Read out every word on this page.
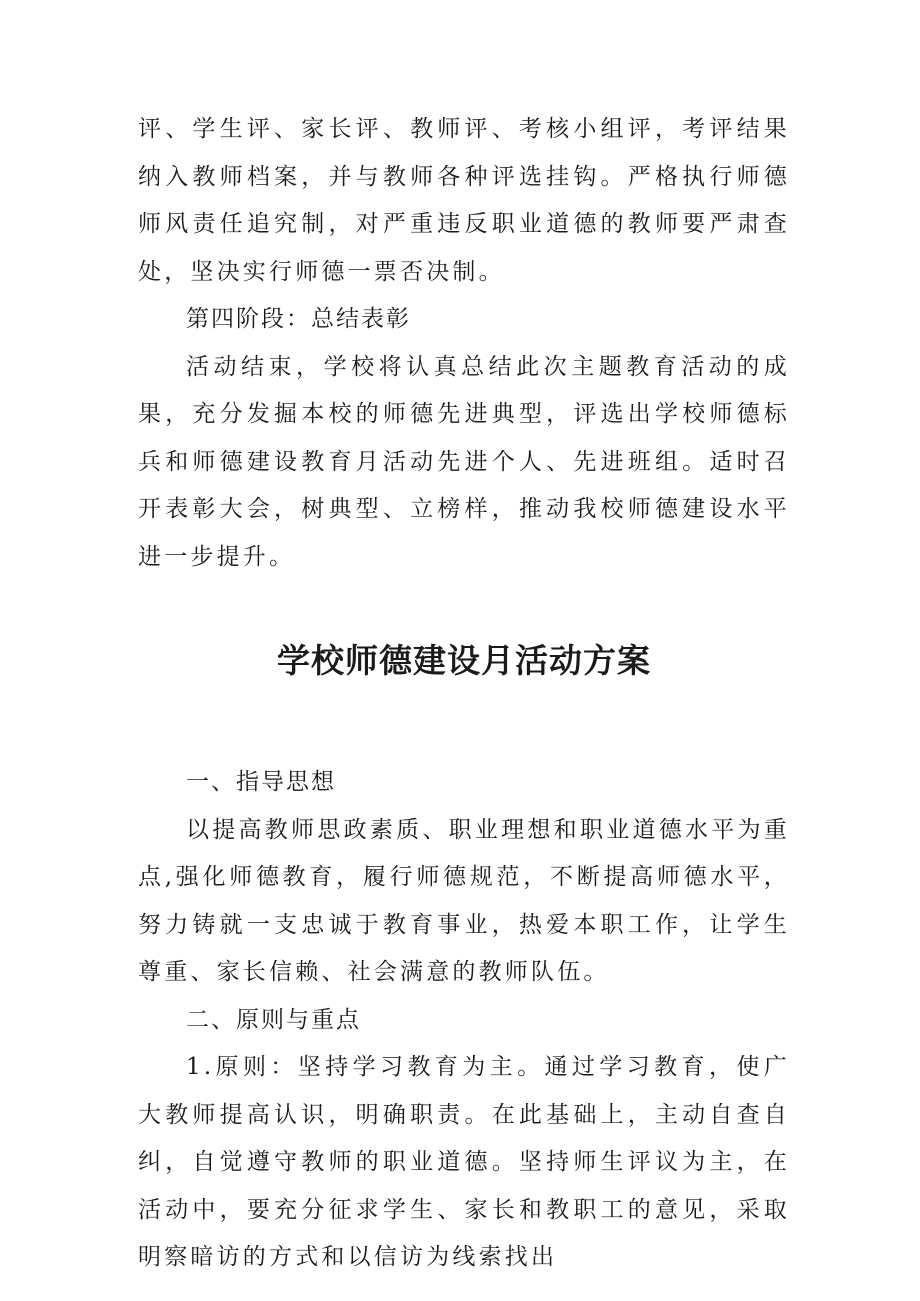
评、学生评、家长评、教师评、考核小组评，考评结果纳入教师档案，并与教师各种评选挂钩。严格执行师德师风责任追究制，对严重违反职业道德的教师要严肃查处，坚决实行师德一票否决制。

第四阶段：总结表彰

活动结束，学校将认真总结此次主题教育活动的成果，充分发掘本校的师德先进典型，评选出学校师德标兵和师德建设教育月活动先进个人、先进班组。适时召开表彰大会，树典型、立榜样，推动我校师德建设水平进一步提升。

学校师德建设月活动方案

一、指导思想

以提高教师思政素质、职业理想和职业道德水平为重点,强化师德教育，履行师德规范，不断提高师德水平，努力铸就一支忠诚于教育事业，热爱本职工作，让学生尊重、家长信赖、社会满意的教师队伍。

二、原则与重点

1.原则：坚持学习教育为主。通过学习教育，使广大教师提高认识，明确职责。在此基础上，主动自查自纠，自觉遵守教师的职业道德。坚持师生评议为主，在活动中，要充分征求学生、家长和教职工的意见，采取明察暗访的方式和以信访为线索找出
